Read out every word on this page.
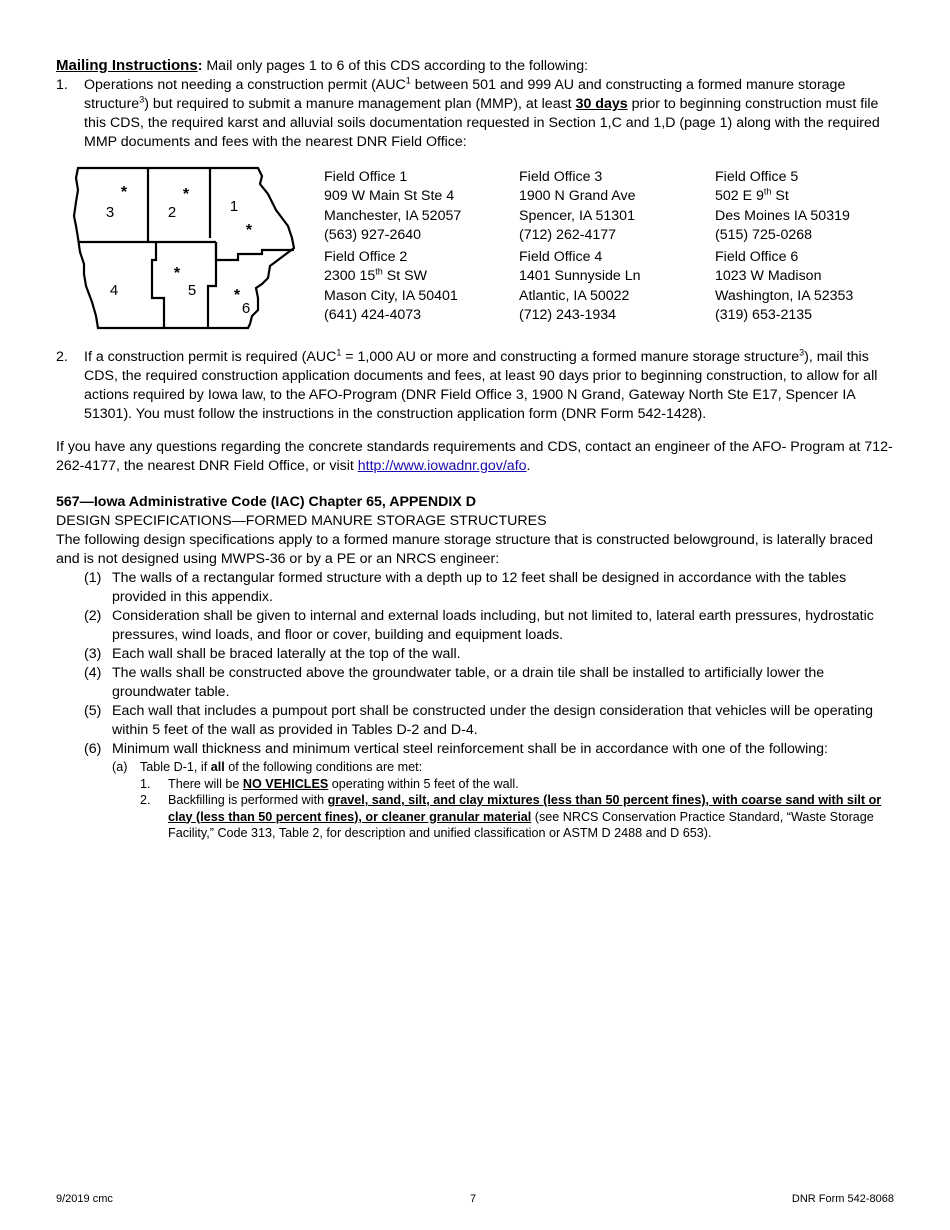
Mailing Instructions: Mail only pages 1 to 6 of this CDS according to the following:

1. Operations not needing a construction permit (AUC$^1$ between 501 and 999 AU and constructing a formed manure storage structure$^3$) but required to submit a manure management plan (MMP), at least 30 days prior to beginning construction must file this CDS, the required karst and alluvial soils documentation requested in Section 1,C and 1,D (page 1) along with the required MMP documents and fees with the nearest DNR Field Office:

1
2
3
4	5
6
*	*
*
*
*
Field Office 1
909 W Main St Ste 4
Manchester, IA 52057
(563) 927-2640
Field Office 2
2300 15th St SW
Mason City, IA 50401
(641) 424-4073
Field Office 3
1900 N Grand Ave
Spencer, IA 51301
(712) 262-4177
Field Office 4
1401 Sunnyside Ln
Atlantic, IA 50022
(712) 243-1934
Field Office 5
502 E 9th St
Des Moines IA 50319
(515) 725-0268
Field Office 6
1023 W Madison
Washington, IA 52353
(319) 653-2135

2. If a construction permit is required ($AUC^1 = 1,000$ AU or more and constructing a formed manure storage structure$^3$), mail this CDS, the required construction application documents and fees, at least 90 days prior to beginning construction, to allow for all actions required by Iowa law, to the AFO-Program (DNR Field Office 3, 1900 N Grand, Gateway North Ste E17, Spencer IA 51301). You must follow the instructions in the construction application form (DNR Form 542-1428).

If you have any questions regarding the concrete standards requirements and CDS, contact an engineer of the AFO- Program at 712-262-4177, the nearest DNR Field Office, or visit http://www.iowadnr.gov/afo.

567—Iowa Administrative Code (IAC) Chapter 65, APPENDIX D

DESIGN SPECIFICATIONS—FORMED MANURE STORAGE STRUCTURES

The following design specifications apply to a formed manure storage structure that is constructed belowground, is laterally braced and is not designed using MWPS-36 or by a PE or an NRCS engineer:

(1) The walls of a rectangular formed structure with a depth up to 12 feet shall be designed in accordance with the tables provided in this appendix.

(2) Consideration shall be given to internal and external loads including, but not limited to, lateral earth pressures, hydrostatic pressures, wind loads, and floor or cover, building and equipment loads.

(3) Each wall shall be braced laterally at the top of the wall.

(4) The walls shall be constructed above the groundwater table, or a drain tile shall be installed to artificially lower the groundwater table.

(5) Each wall that includes a pumpout port shall be constructed under the design consideration that vehicles will be operating within 5 feet of the wall as provided in Tables D-2 and D-4.

(6) Minimum wall thickness and minimum vertical steel reinforcement shall be in accordance with one of the following:

(a) Table D-1, if all of the following conditions are met:

1. There will be NO VEHICLES operating within 5 feet of the wall.

2. Backfilling is performed with gravel, sand, silt, and clay mixtures (less than 50 percent fines), with coarse sand with silt or clay (less than 50 percent fines), or cleaner granular material (see NRCS Conservation Practice Standard, “Waste Storage Facility,” Code 313, Table 2, for description and unified classification or ASTM D 2488 and D 653).

9/2019 cmc	7	DNR Form 542-8068
